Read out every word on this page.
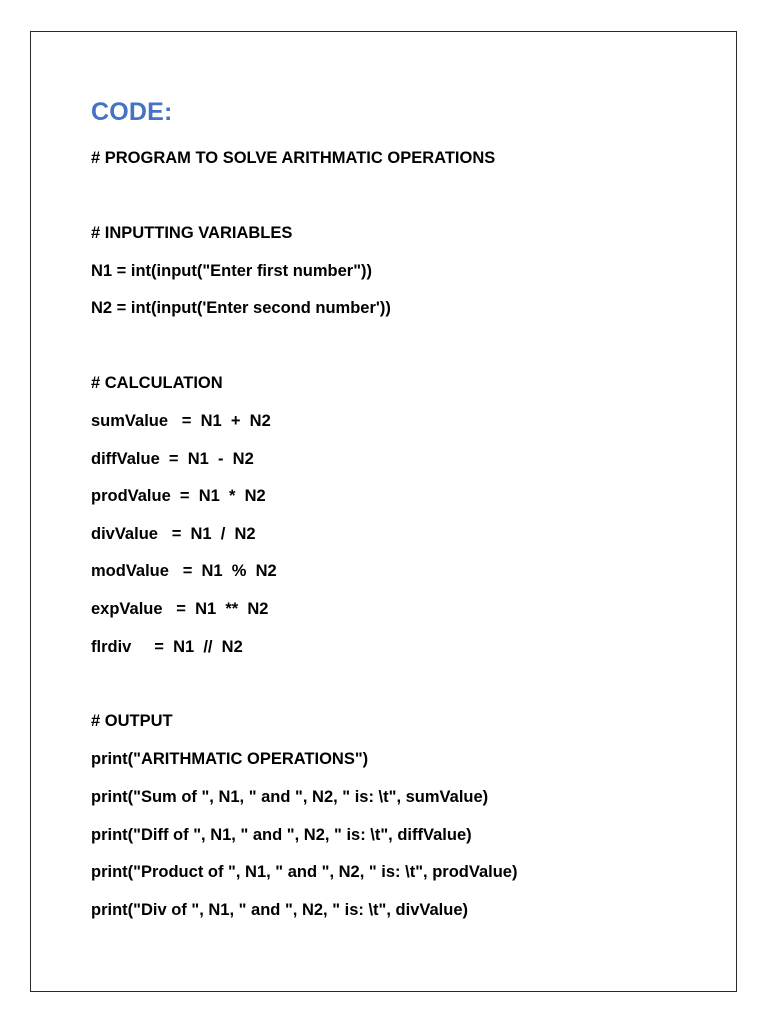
CODE:
# PROGRAM TO SOLVE ARITHMATIC OPERATIONS
# INPUTTING VARIABLES
N1 = int(input("Enter first number"))
N2 = int(input('Enter second number'))
# CALCULATION
sumValue   =  N1  +  N2
diffValue  =  N1  -  N2
prodValue  =  N1  *  N2
divValue   =  N1  /  N2
modValue   =  N1  %  N2
expValue   =  N1  **  N2
flrdiv     =  N1  //  N2
# OUTPUT
print("ARITHMATIC OPERATIONS")
print("Sum of ", N1, " and ", N2, " is: \t", sumValue)
print("Diff of ", N1, " and ", N2, " is: \t", diffValue)
print("Product of ", N1, " and ", N2, " is: \t", prodValue)
print("Div of ", N1, " and ", N2, " is: \t", divValue)
